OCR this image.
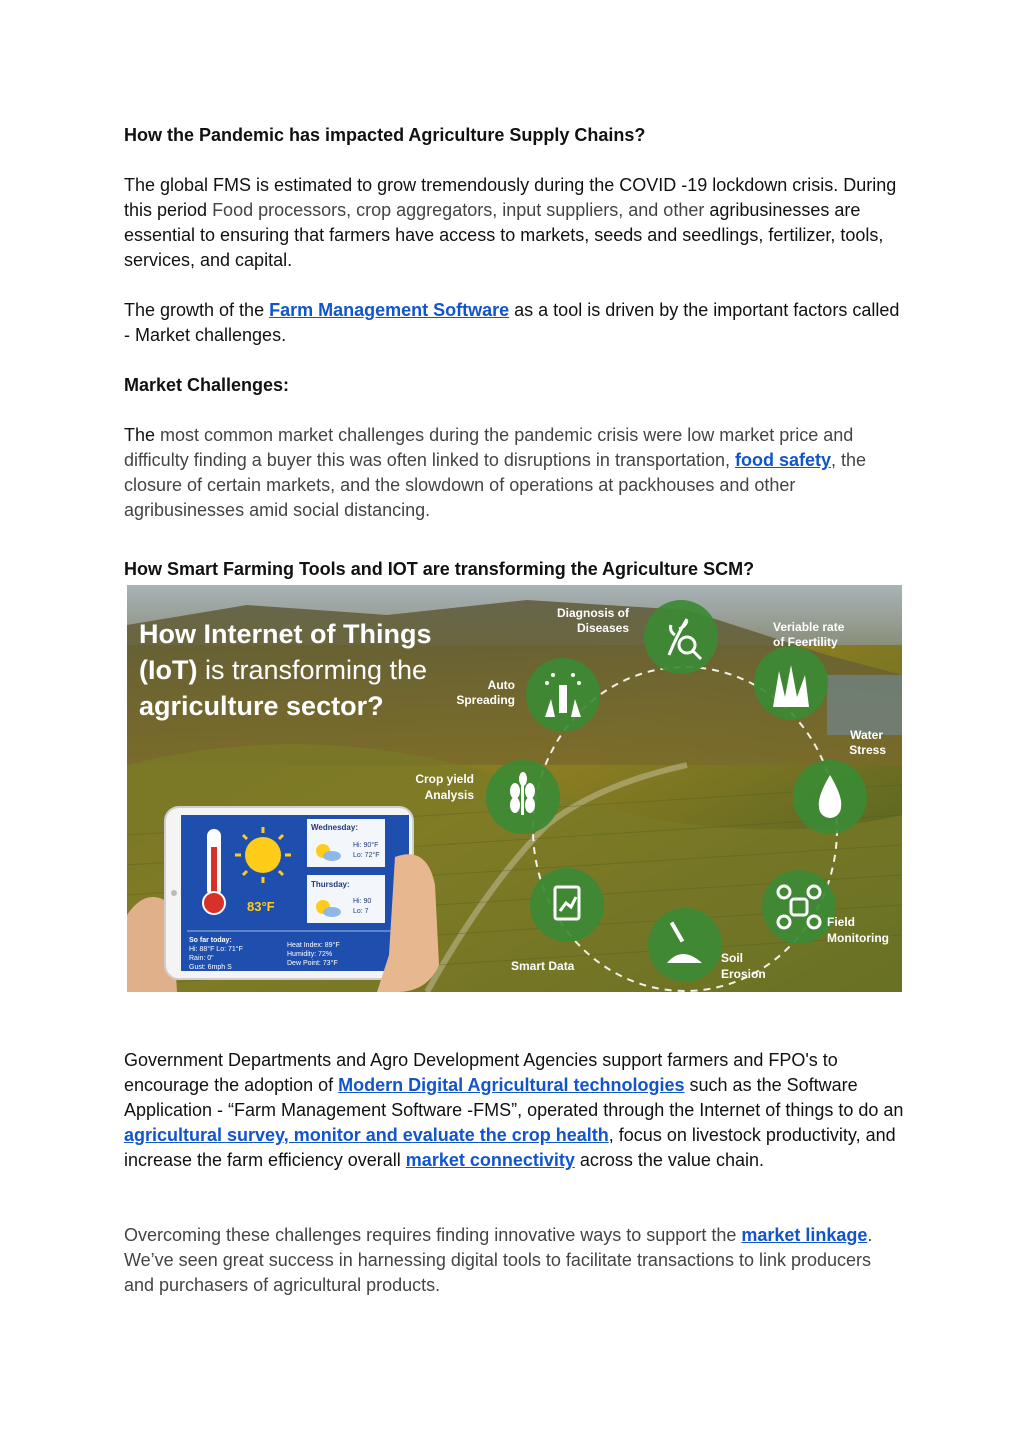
How the Pandemic has impacted Agriculture Supply Chains?
The global FMS is estimated to grow tremendously during the COVID -19 lockdown crisis. During this period Food processors, crop aggregators, input suppliers, and other agribusinesses are essential to ensuring that farmers have access to markets, seeds and seedlings, fertilizer, tools, services, and capital.
The growth of the Farm Management Software as a tool is driven by the important factors called - Market challenges.
Market Challenges:
The most common market challenges during the pandemic crisis were low market price and difficulty finding a buyer this was often linked to disruptions in transportation, food safety, the closure of certain markets, and the slowdown of operations at packhouses and other agribusinesses amid social distancing.
How Smart Farming Tools and IOT are transforming the Agriculture SCM?
How Internet of Things
(IoT) is transforming the
agriculture sector?
Diagnosis of
Diseases	Veriable rate
of Feertility
Water
Stress
Field
Monitoring
Soil
Erosion
Smart Data
Crop yield
Analysis
Auto
Spreading
83°F
Wednesday:
Hi: 90°F
Lo: 72°F
Thursday:
Hi: 90
Lo: 7
So far today:
Hi: 88°F Lo: 71°F
Rain: 0"
Gust: 6mph S
Heat Index: 89°F
Humidity: 72%
Dew Point: 73°F
Government Departments and Agro Development Agencies support farmers and FPO's to encourage the adoption of Modern Digital Agricultural technologies such as the Software Application - “Farm Management Software -FMS”, operated through the Internet of things to do an agricultural survey, monitor and evaluate the crop health, focus on livestock productivity, and increase the farm efficiency overall market connectivity across the value chain.
Overcoming these challenges requires finding innovative ways to support the market linkage. We’ve seen great success in harnessing digital tools to facilitate transactions to link producers and purchasers of agricultural products.
